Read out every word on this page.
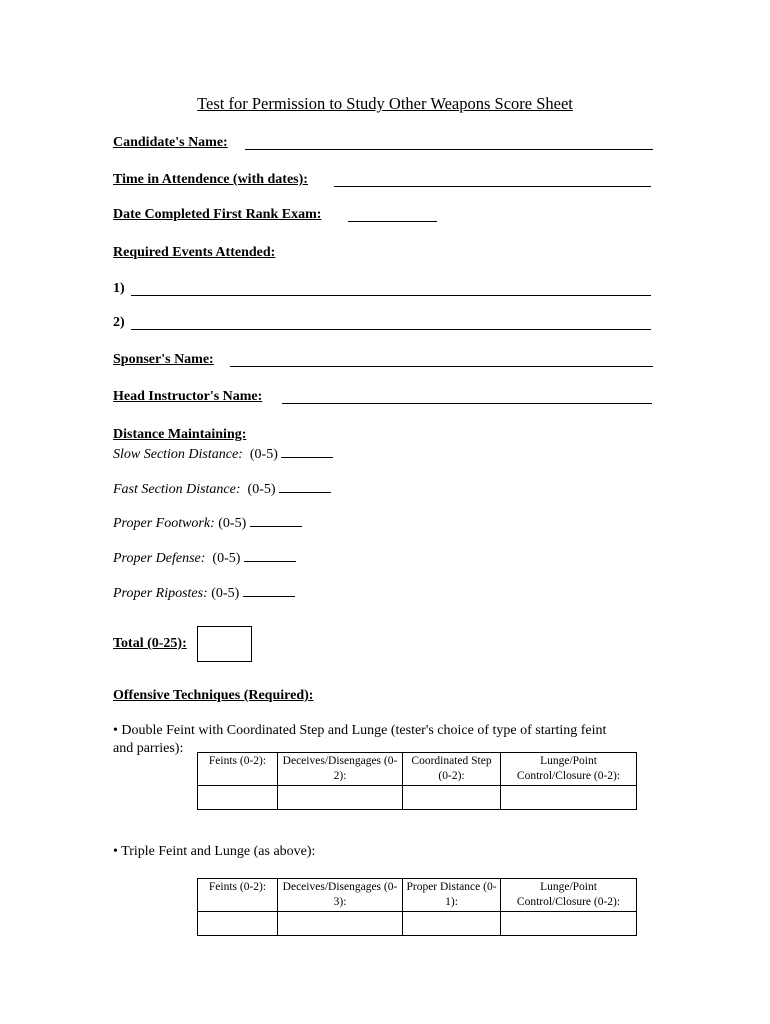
Test for Permission to Study Other Weapons Score Sheet
Candidate's Name:
Time in Attendence (with dates):
Date Completed First Rank Exam:
Required Events Attended:
1)
2)
Sponser's Name:
Head Instructor's Name:
Distance Maintaining:
Slow Section Distance: (0-5)
Fast Section Distance: (0-5)
Proper Footwork: (0-5)
Proper Defense: (0-5)
Proper Ripostes: (0-5)
Total (0-25):
Offensive Techniques (Required):
• Double Feint with Coordinated Step and Lunge (tester's choice of type of starting feint
and parries):
Feints (0-2):	Deceives/Disengages (0-2):	Coordinated Step (0-2):	Lunge/Point Control/Closure (0-2):

• Triple Feint and Lunge (as above):
Feints (0-2):	Deceives/Disengages (0-3):	Proper Distance (0-1):	Lunge/Point Control/Closure (0-2):
